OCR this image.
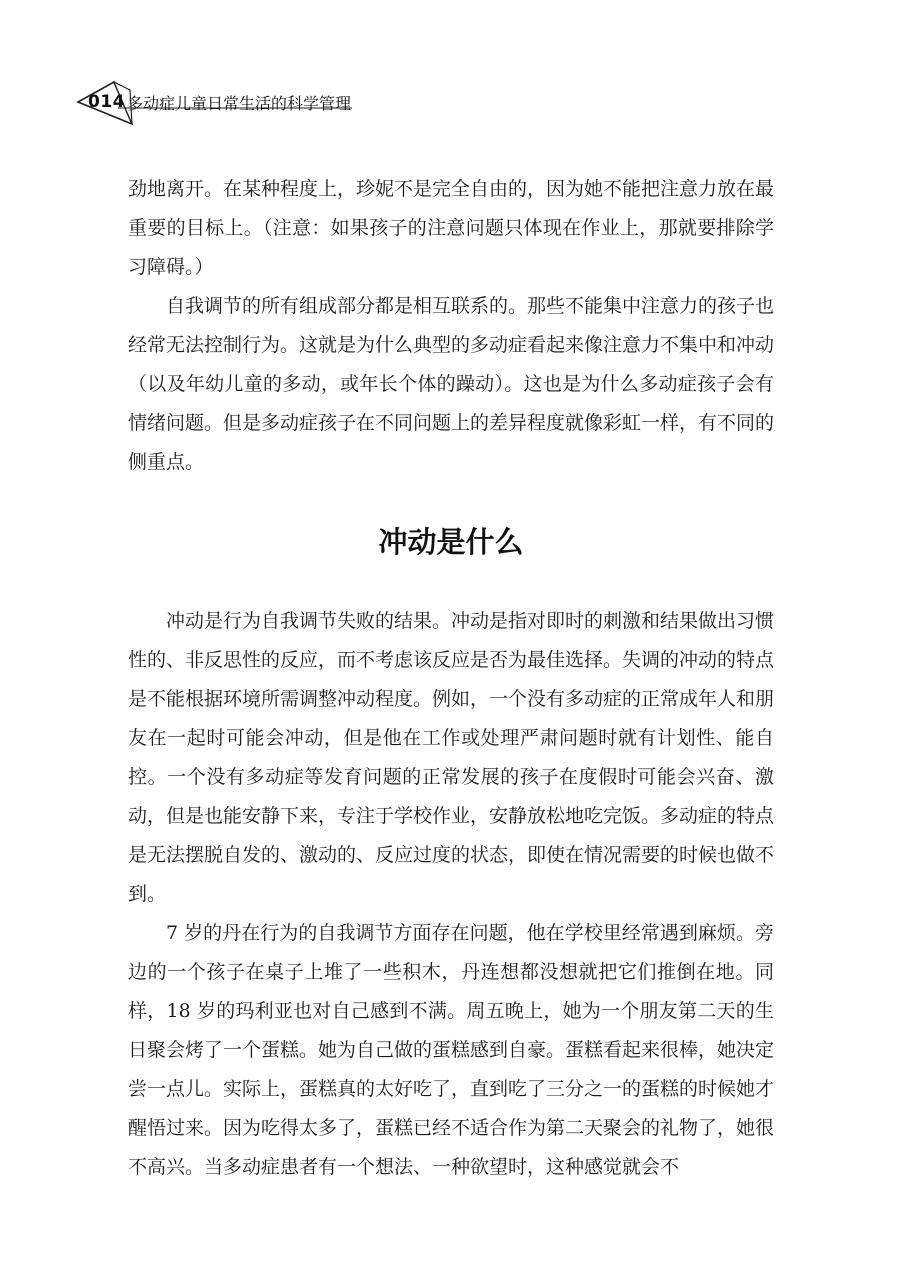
014 多动症儿童日常生活的科学管理

劲地离开。在某种程度上，珍妮不是完全自由的，因为她不能把注意力放在最重要的目标上。（注意：如果孩子的注意问题只体现在作业上，那就要排除学习障碍。）

自我调节的所有组成部分都是相互联系的。那些不能集中注意力的孩子也经常无法控制行为。这就是为什么典型的多动症看起来像注意力不集中和冲动（以及年幼儿童的多动，或年长个体的躁动）。这也是为什么多动症孩子会有情绪问题。但是多动症孩子在不同问题上的差异程度就像彩虹一样，有不同的侧重点。

冲动是什么

冲动是行为自我调节失败的结果。冲动是指对即时的刺激和结果做出习惯性的、非反思性的反应，而不考虑该反应是否为最佳选择。失调的冲动的特点是不能根据环境所需调整冲动程度。例如，一个没有多动症的正常成年人和朋友在一起时可能会冲动，但是他在工作或处理严肃问题时就有计划性、能自控。一个没有多动症等发育问题的正常发展的孩子在度假时可能会兴奋、激动，但是也能安静下来，专注于学校作业，安静放松地吃完饭。多动症的特点是无法摆脱自发的、激动的、反应过度的状态，即使在情况需要的时候也做不到。

7 岁的丹在行为的自我调节方面存在问题，他在学校里经常遇到麻烦。旁边的一个孩子在桌子上堆了一些积木，丹连想都没想就把它们推倒在地。同样，18 岁的玛利亚也对自己感到不满。周五晚上，她为一个朋友第二天的生日聚会烤了一个蛋糕。她为自己做的蛋糕感到自豪。蛋糕看起来很棒，她决定尝一点儿。实际上，蛋糕真的太好吃了，直到吃了三分之一的蛋糕的时候她才醒悟过来。因为吃得太多了，蛋糕已经不适合作为第二天聚会的礼物了，她很不高兴。当多动症患者有一个想法、一种欲望时，这种感觉就会不
